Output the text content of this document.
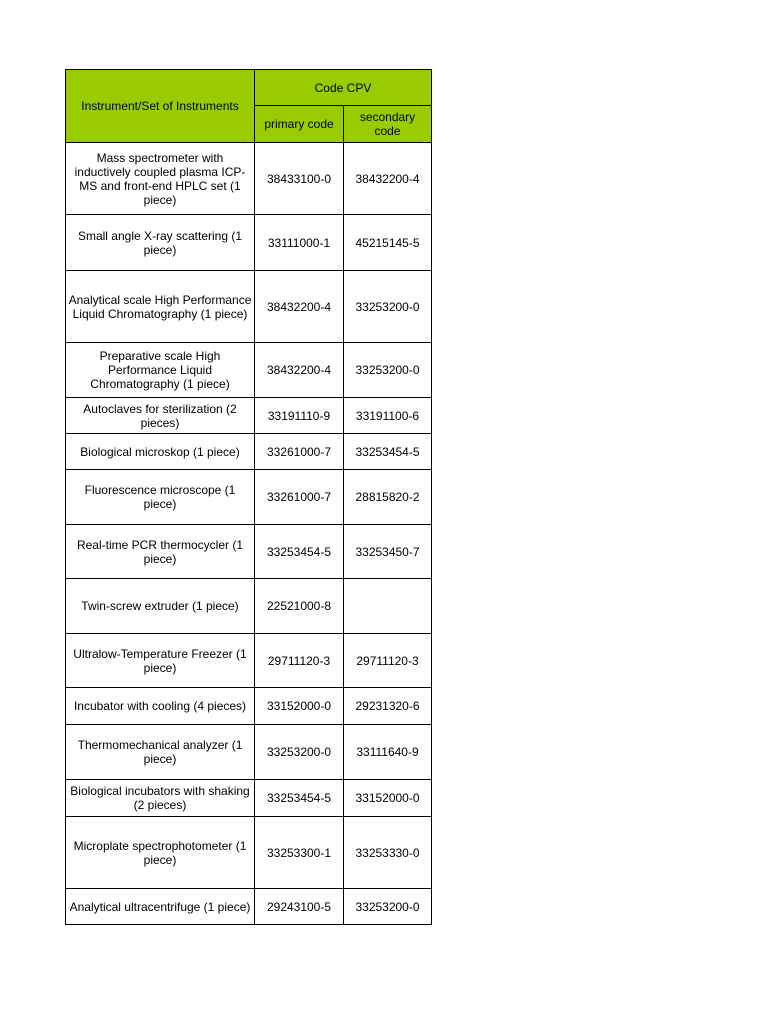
Instrument/Set of Instruments	Code CPV	
	primary code	secondary code
Mass spectrometer with inductively coupled plasma ICP-MS and front-end HPLC set (1 piece)	38433100-0	38432200-4
Small angle X-ray scattering (1 piece)	33111000-1	45215145-5
Analytical scale High Performance Liquid Chromatography (1 piece)	38432200-4	33253200-0
Preparative scale High Performance Liquid Chromatography (1 piece)	38432200-4	33253200-0
Autoclaves for sterilization (2 pieces)	33191110-9	33191100-6
Biological microskop (1 piece)	33261000-7	33253454-5
Fluorescence microscope (1 piece)	33261000-7	28815820-2
Real-time PCR thermocycler (1 piece)	33253454-5	33253450-7
Twin-screw extruder (1 piece)	22521000-8	
Ultralow-Temperature Freezer (1 piece)	29711120-3	29711120-3
Incubator with cooling (4 pieces)	33152000-0	29231320-6
Thermomechanical analyzer (1 piece)	33253200-0	33111640-9
Biological incubators with shaking (2 pieces)	33253454-5	33152000-0
Microplate spectrophotometer (1 piece)	33253300-1	33253330-0
Analytical ultracentrifuge (1 piece)	29243100-5	33253200-0
